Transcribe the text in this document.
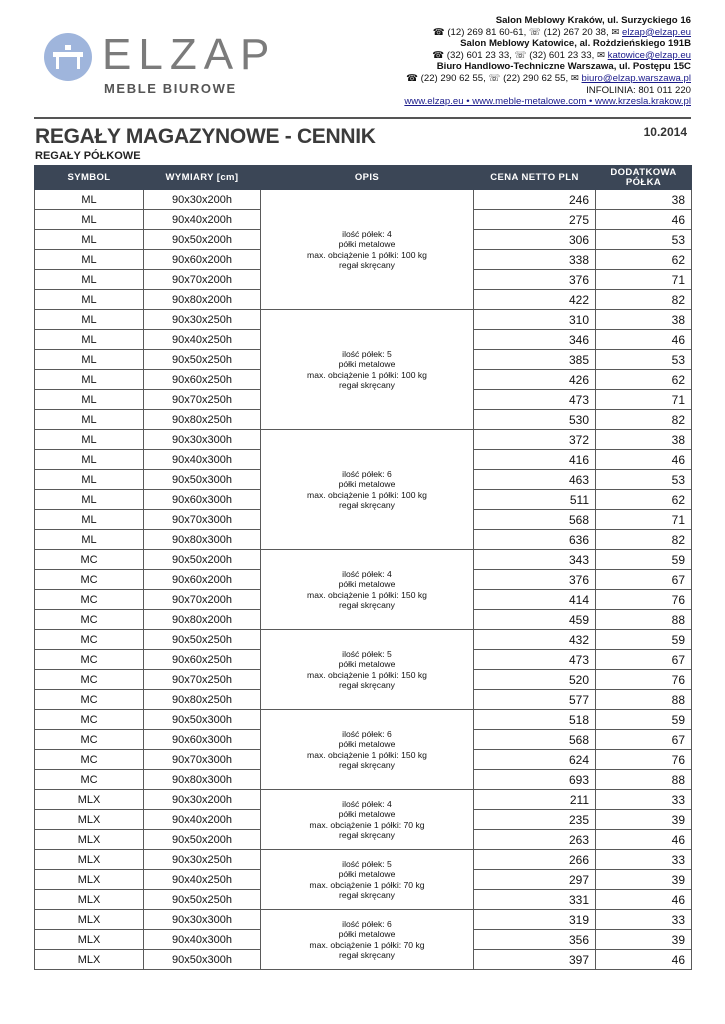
ELZAP
MEBLE BIUROWE
Salon Meblowy Kraków, ul. Surzyckiego 16
☎ (12) 269 81 60-61, ☏ (12) 267 20 38, ✉ elzap@elzap.eu
Salon Meblowy Katowice, al. Rożdzieńskiego 191B
☎ (32) 601 23 33, ☏ (32) 601 23 33, ✉ katowice@elzap.eu
Biuro Handlowo-Techniczne Warszawa, ul. Postępu 15C
☎ (22) 290 62 55, ☏ (22) 290 62 55, ✉ biuro@elzap.warszawa.pl
INFOLINIA: 801 011 220
www.elzap.eu • www.meble-metalowe.com • www.krzesla.krakow.pl
REGAŁY MAGAZYNOWE - CENNIK	10.2014
REGAŁY PÓŁKOWE
SYMBOL	WYMIARY [cm]	OPIS	CENA NETTO PLN	DODATKOWA PÓŁKA
ML	90x30x200h	ilość półek: 4
półki metalowe
max. obciążenie 1 półki: 100 kg
regał skręcany	246	38
ML	90x40x200h		275	46
ML	90x50x200h		306	53
ML	90x60x200h		338	62
ML	90x70x200h		376	71
ML	90x80x200h		422	82
ML	90x30x250h	ilość półek: 5
półki metalowe
max. obciążenie 1 półki: 100 kg
regał skręcany	310	38
ML	90x40x250h		346	46
ML	90x50x250h		385	53
ML	90x60x250h		426	62
ML	90x70x250h		473	71
ML	90x80x250h		530	82
ML	90x30x300h	ilość półek: 6
półki metalowe
max. obciążenie 1 półki: 100 kg
regał skręcany	372	38
ML	90x40x300h		416	46
ML	90x50x300h		463	53
ML	90x60x300h		511	62
ML	90x70x300h		568	71
ML	90x80x300h		636	82
MC	90x50x200h	ilość półek: 4
półki metalowe
max. obciążenie 1 półki: 150 kg
regał skręcany	343	59
MC	90x60x200h		376	67
MC	90x70x200h		414	76
MC	90x80x200h		459	88
MC	90x50x250h	ilość półek: 5
półki metalowe
max. obciążenie 1 półki: 150 kg
regał skręcany	432	59
MC	90x60x250h		473	67
MC	90x70x250h		520	76
MC	90x80x250h		577	88
MC	90x50x300h	ilość półek: 6
półki metalowe
max. obciążenie 1 półki: 150 kg
regał skręcany	518	59
MC	90x60x300h		568	67
MC	90x70x300h		624	76
MC	90x80x300h		693	88
MLX	90x30x200h	ilość półek: 4
półki metalowe
max. obciążenie 1 półki: 70 kg
regał skręcany	211	33
MLX	90x40x200h		235	39
MLX	90x50x200h		263	46
MLX	90x30x250h	ilość półek: 5
półki metalowe
max. obciążenie 1 półki: 70 kg
regał skręcany	266	33
MLX	90x40x250h		297	39
MLX	90x50x250h		331	46
MLX	90x30x300h	ilość półek: 6
półki metalowe
max. obciążenie 1 półki: 70 kg
regał skręcany	319	33
MLX	90x40x300h		356	39
MLX	90x50x300h		397	46
